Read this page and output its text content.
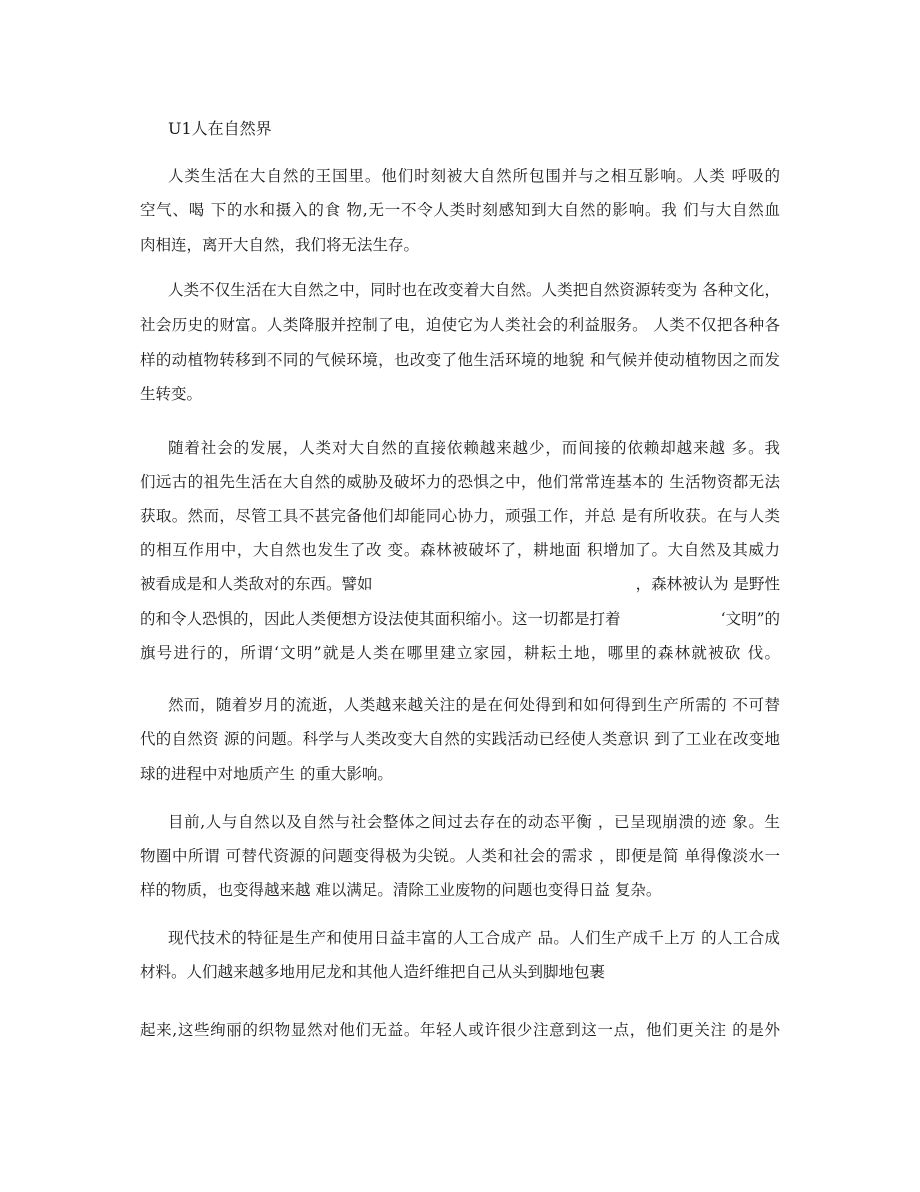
U1人在自然界
人类生活在大自然的王国里。他们时刻被大自然所包围并与之相互影响。人类 呼吸的
空气、喝 下的水和摄入的食 物,无一不令人类时刻感知到大自然的影响。我 们与大自然血
肉相连，离开大自然，我们将无法生存。
人类不仅生活在大自然之中，同时也在改变着大自然。人类把自然资源转变为 各种文化，
社会历史的财富。人类降服并控制了电，迫使它为人类社会的利益服务。 人类不仅把各种各
样的动植物转移到不同的气候环境，也改变了他生活环境的地貌 和气候并使动植物因之而发
生转变。
随着社会的发展，人类对大自然的直接依赖越来越少，而间接的依赖却越来越 多。我
们远古的祖先生活在大自然的威胁及破坏力的恐惧之中，他们常常连基本的 生活物资都无法
获取。然而，尽管工具不甚完备他们却能同心协力，顽强工作，并总 是有所收获。在与人类
的相互作用中，大自然也发生了改 变。森林被破坏了，耕地面 积增加了。大自然及其威力
被看成是和人类敌对的东西。譬如	，森林被认为 是野性
的和令人恐惧的，因此人类便想方设法使其面积缩小。这一切都是打着	‘文明”的
旗号进行的，所谓‘文明”就是人类在哪里建立家园，耕耘土地，哪里的森林就被砍 伐。
然而，随着岁月的流逝，人类越来越关注的是在何处得到和如何得到生产所需的 不可替
代的自然资 源的问题。科学与人类改变大自然的实践活动已经使人类意识 到了工业在改变地
球的进程中对地质产生 的重大影响。
目前,人与自然以及自然与社会整体之间过去存在的动态平衡 ，已呈现崩溃的迹 象。生
物圈中所谓 可替代资源的问题变得极为尖锐。人类和社会的需求 ，即便是简 单得像淡水一
样的物质，也变得越来越 难以满足。清除工业废物的问题也变得日益 复杂。
现代技术的特征是生产和使用日益丰富的人工合成产 品。人们生产成千上万 的人工合成
材料。人们越来越多地用尼龙和其他人造纤维把自己从头到脚地包裹
起来,这些绚丽的织物显然对他们无益。年轻人或许很少注意到这一点，他们更关注 的是外
